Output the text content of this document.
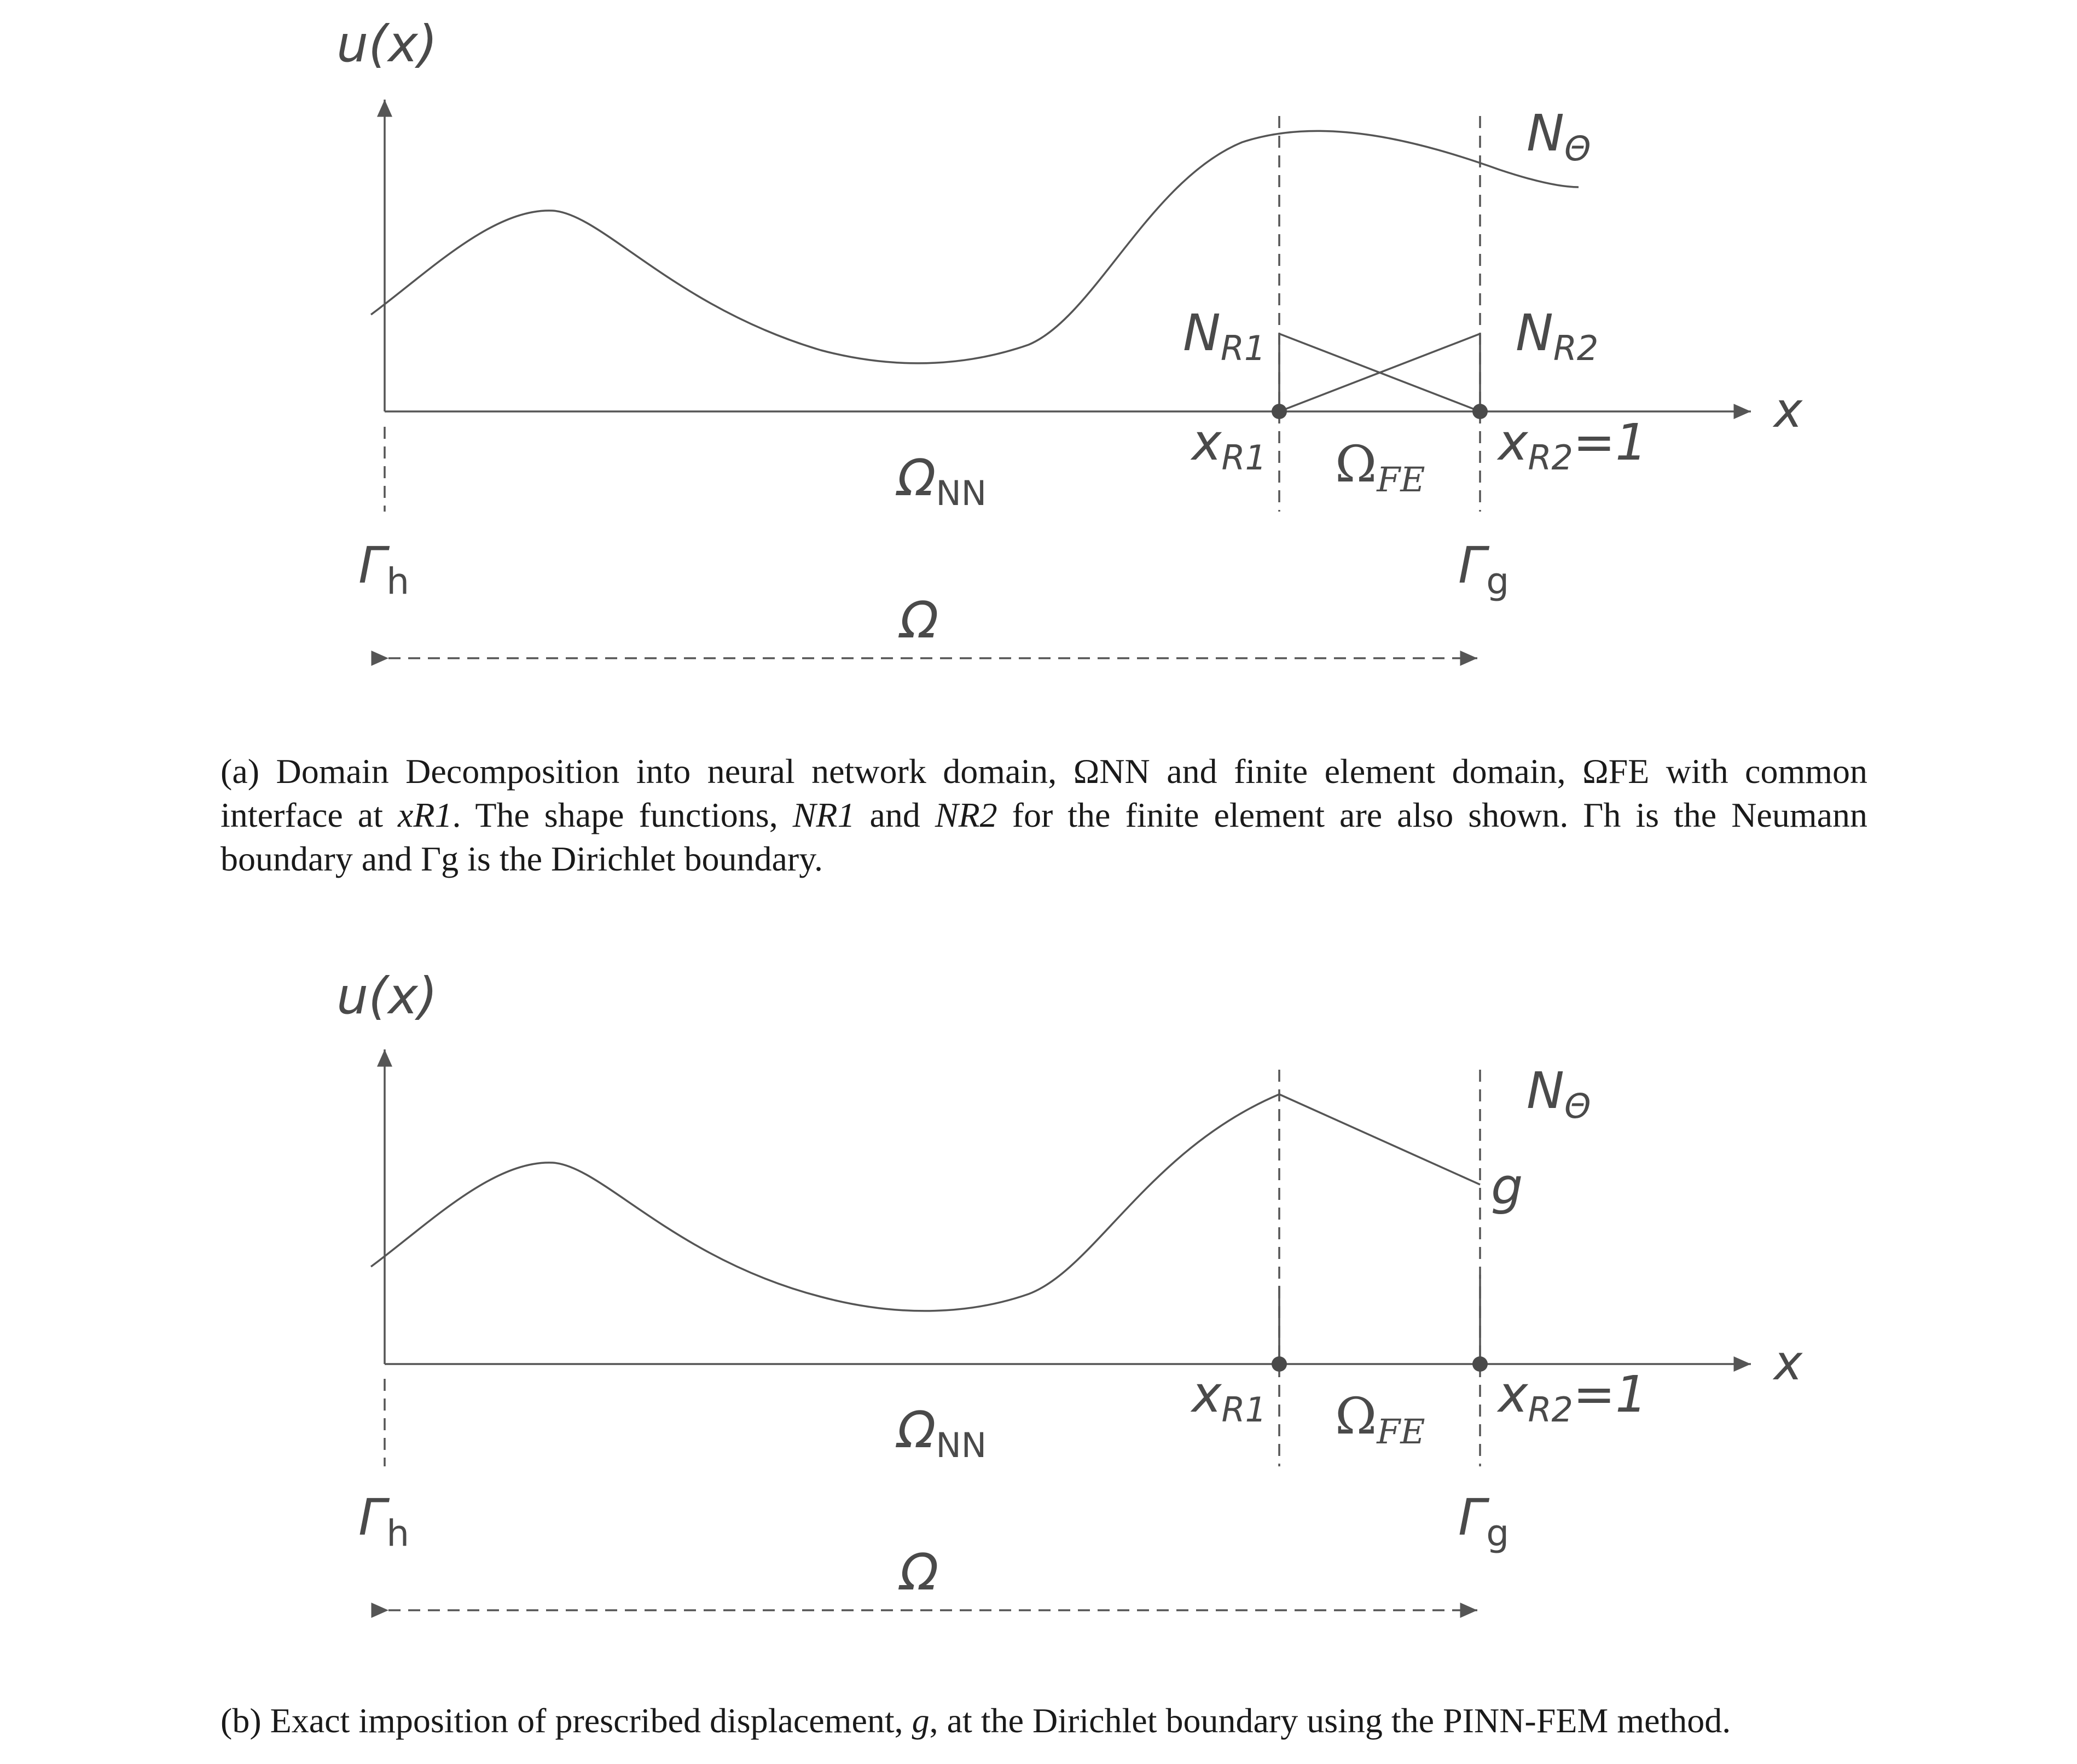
u(x)
x
NΘ
NR1	NR2
xR1	xR2=1
ΩNN	ΩFE
$\Gamma_h$	$\Gamma_g$
Ω
u(x)
x
NΘ
g
xR1	xR2=1
ΩNN	ΩFE
$\Gamma_h$	$\Gamma_g$
Ω
(a) Domain Decomposition into neural network domain, ΩNN and finite element domain, ΩFE with common interface at xR1. The shape functions, NR1 and NR2 for the finite element are also shown. Γh is the Neumann boundary and Γg is the Dirichlet boundary.
(b) Exact imposition of prescribed displacement, g, at the Dirichlet boundary using the PINN-FEM method.
